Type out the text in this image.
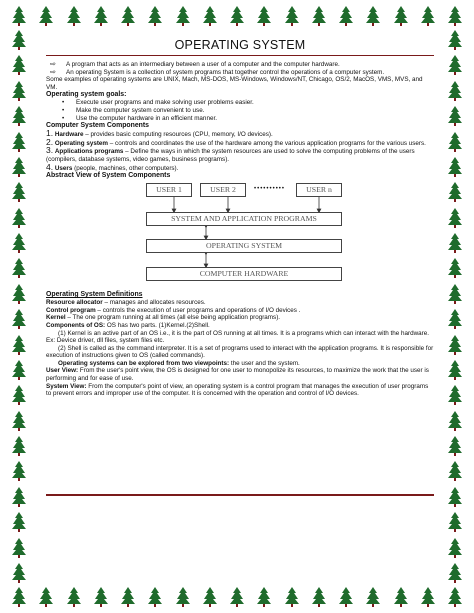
OPERATING SYSTEM
⇨	A program that acts as an intermediary between a user of a computer and the computer hardware.
⇨	An operating System is a collection of system programs that together control the operations of a computer system.

Some examples of operating systems are UNIX, Mach, MS-DOS, MS-Windows, Windows/NT, Chicago, OS/2, MacOS, VMS, MVS, and VM.

Operating system goals:

•	Execute user programs and make solving user problems easier.
•	Make the computer system convenient to use.
•	Use the computer hardware in an efficient manner.

Computer System Components

1. Hardware – provides basic computing resources (CPU, memory, I/O devices).

2. Operating system – controls and coordinates the use of the hardware among the various application programs for the various users.

3. Applications programs – Define the ways in which the system resources are used to solve the computing problems of the users (compilers, database systems, video games, business programs).

4. Users (people, machines, other computers).

Abstract View of System Components

USER 1	USER 2	••••••••••	USER n
SYSTEM AND APPLICATION PROGRAMS
OPERATING SYSTEM
COMPUTER HARDWARE

Operating System Definitions

Resource allocator – manages and allocates resources.

Control program – controls the execution of user programs and operations of I/O devices .

Kernel – The one program running at all times (all else being application programs).

Components of OS: OS has two parts. (1)Kernel.(2)Shell.

(1) Kernel is an active part of an OS i.e., it is the part of OS running at all times. It is a programs which can interact with the hardware. Ex: Device driver, dll files, system files etc.

(2) Shell is called as the command interpreter. It is a set of programs used to interact with the application programs. It is responsible for execution of instructions given to OS (called commands).

Operating systems can be explored from two viewpoints: the user and the system.

User View: From the user's point view, the OS is designed for one user to monopolize its resources, to maximize the work that the user is performing and for ease of use.

System View: From the computer's point of view, an operating system is a control program that manages the execution of user programs to prevent errors and improper use of the computer. It is concerned with the operation and control of I/O devices.
